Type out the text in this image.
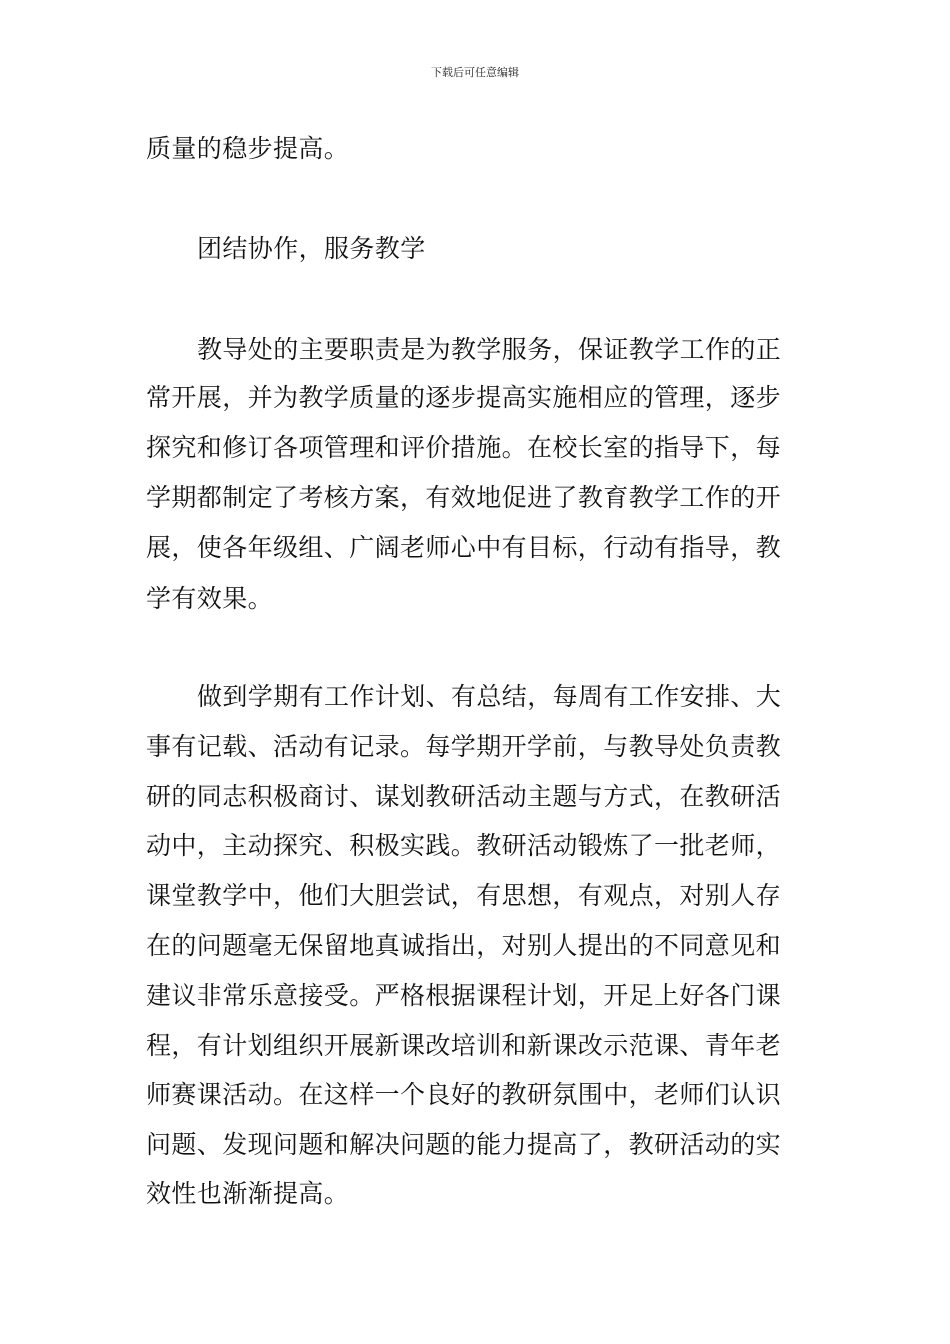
下载后可任意编辑
质量的稳步提高。
团结协作，服务教学
教导处的主要职责是为教学服务，保证教学工作的正
常开展，并为教学质量的逐步提高实施相应的管理，逐步
探究和修订各项管理和评价措施。在校长室的指导下，每
学期都制定了考核方案，有效地促进了教育教学工作的开
展，使各年级组、广阔老师心中有目标，行动有指导，教
学有效果。
做到学期有工作计划、有总结，每周有工作安排、大
事有记载、活动有记录。每学期开学前，与教导处负责教
研的同志积极商讨、谋划教研活动主题与方式，在教研活
动中，主动探究、积极实践。教研活动锻炼了一批老师，
课堂教学中，他们大胆尝试，有思想，有观点，对别人存
在的问题毫无保留地真诚指出，对别人提出的不同意见和
建议非常乐意接受。严格根据课程计划，开足上好各门课
程，有计划组织开展新课改培训和新课改示范课、青年老
师赛课活动。在这样一个良好的教研氛围中，老师们认识
问题、发现问题和解决问题的能力提高了，教研活动的实
效性也渐渐提高。
